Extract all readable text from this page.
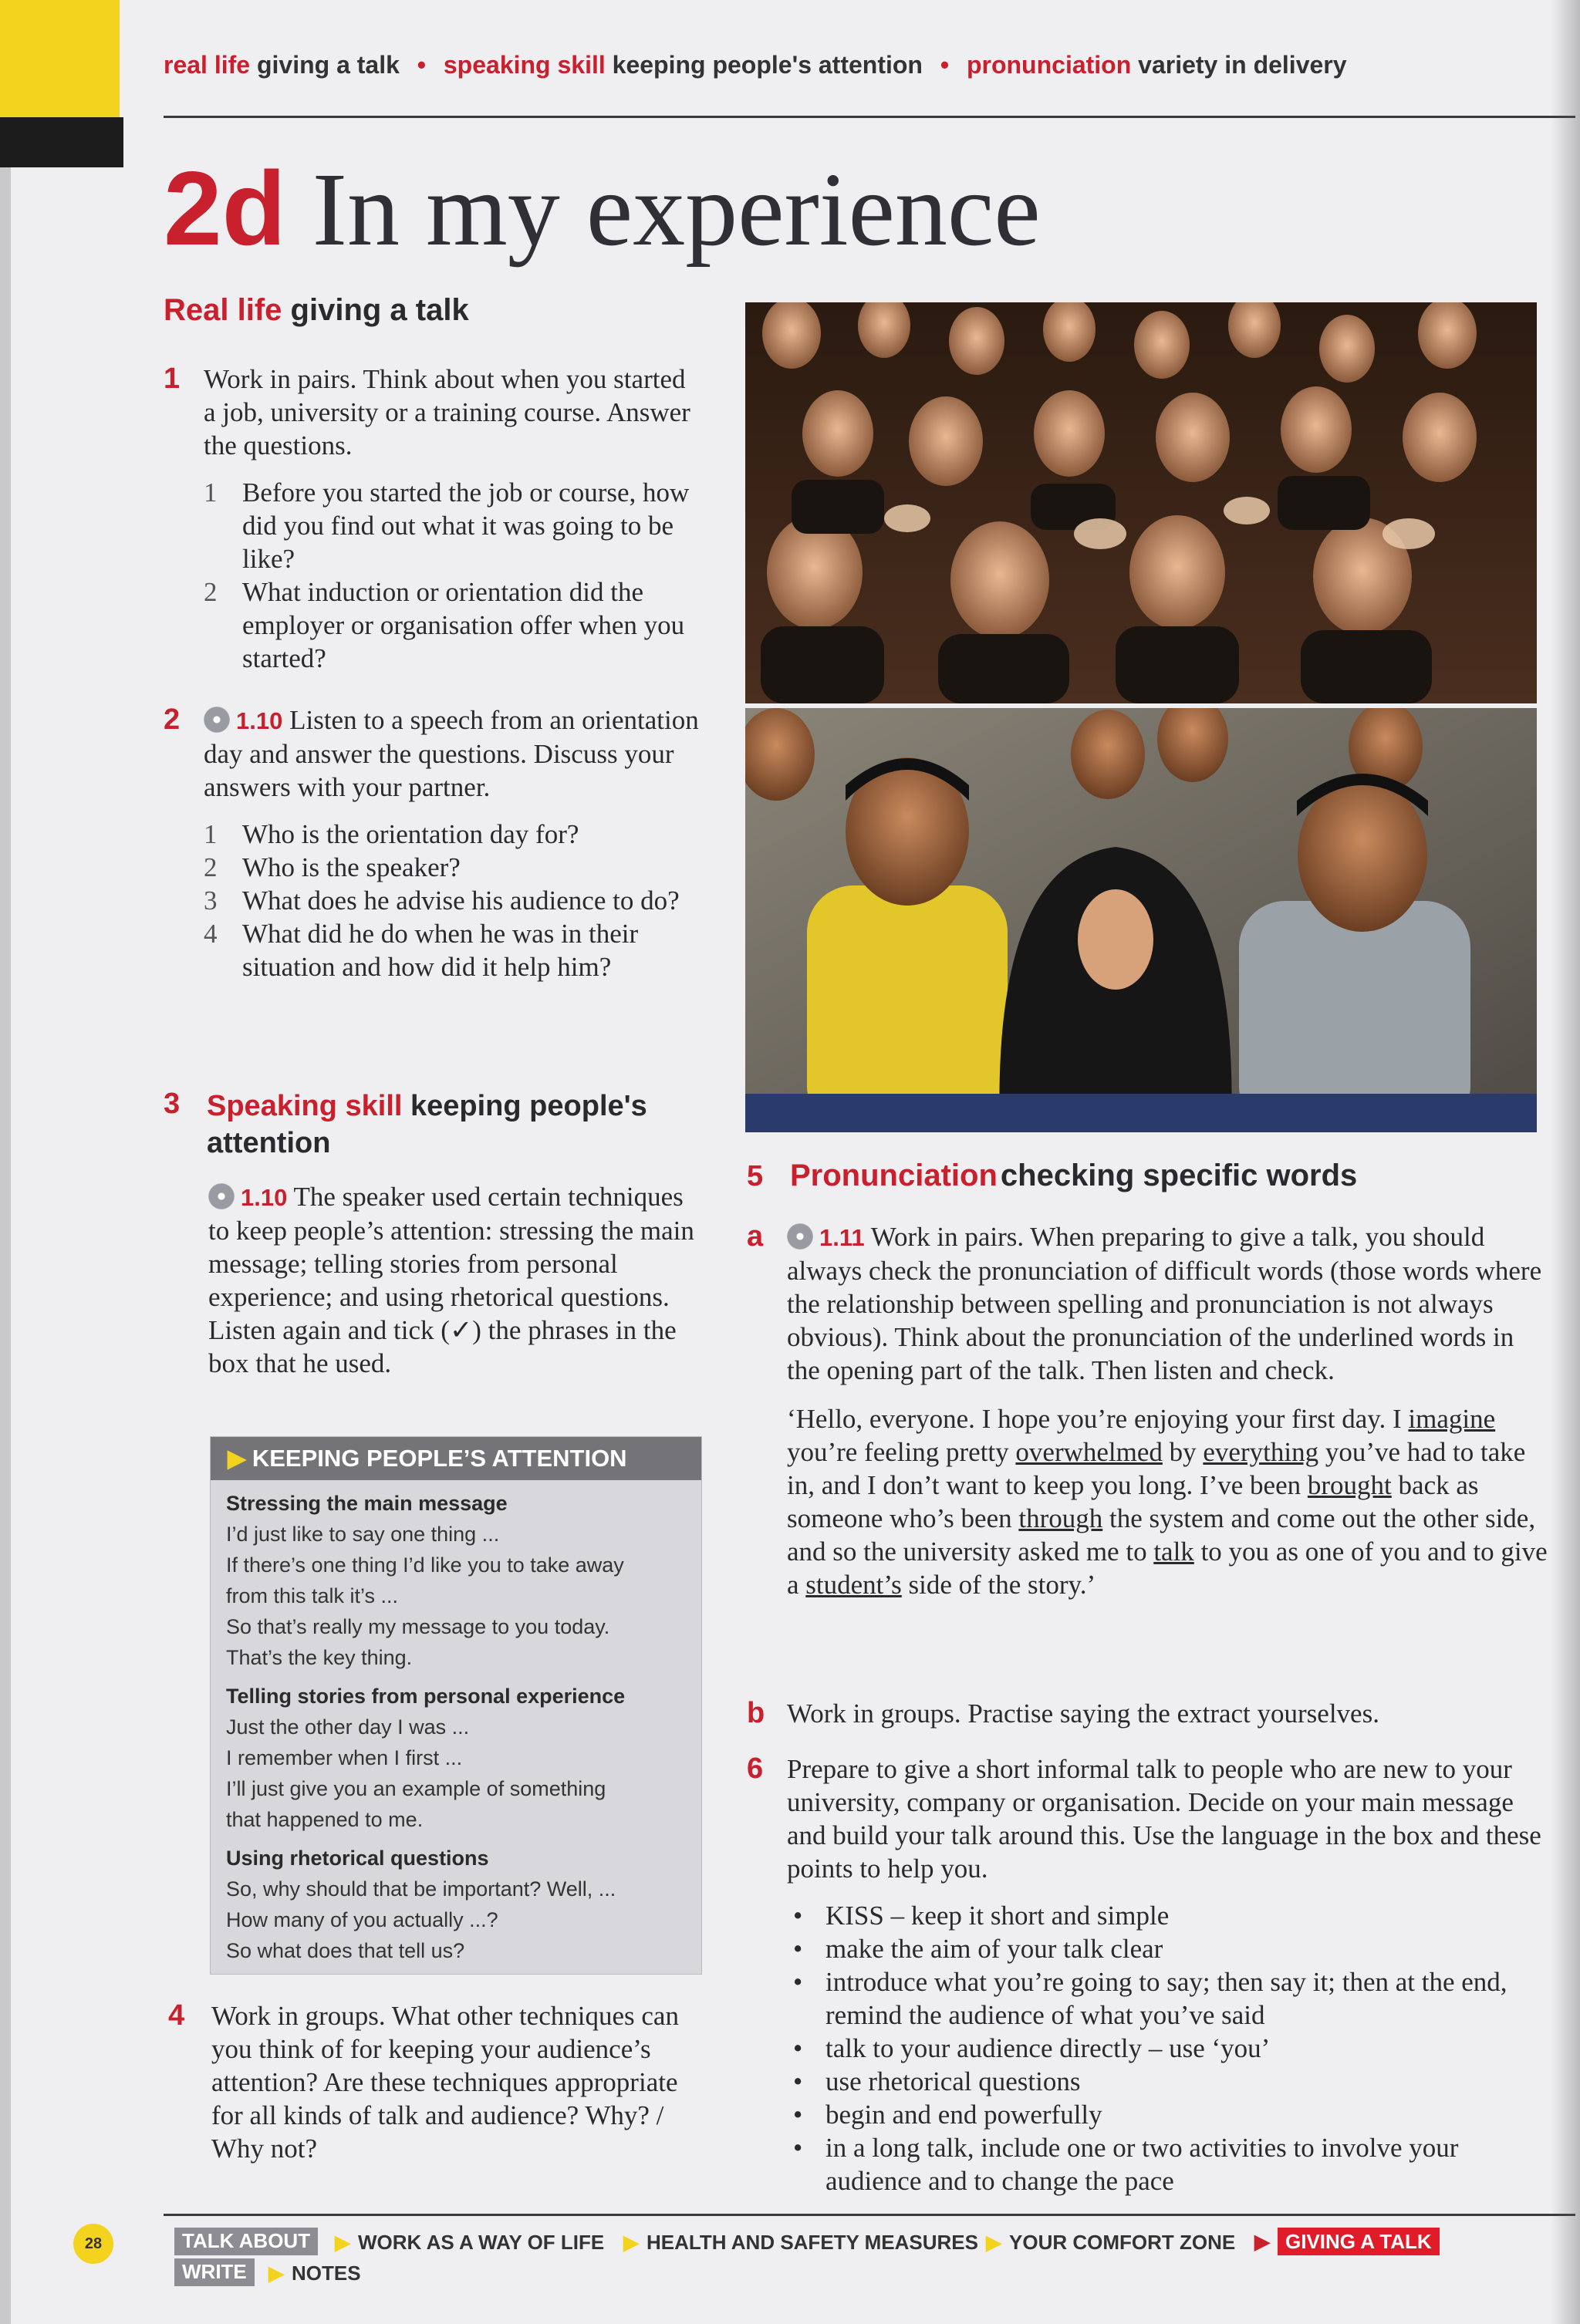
real life giving a talk • speaking skill keeping people's attention • pronunciation variety in delivery
2d In my experience
Real life giving a talk
1 Work in pairs. Think about when you started a job, university or a training course. Answer the questions.
1 Before you started the job or course, how did you find out what it was going to be like?
2 What induction or orientation did the employer or organisation offer when you started?
2	1.10 Listen to a speech from an orientation day and answer the questions. Discuss your answers with your partner.
1 Who is the orientation day for?
2 Who is the speaker?
3 What does he advise his audience to do?
4 What did he do when he was in their situation and how did it help him?
3 Speaking skill keeping people's attention
1.10 The speaker used certain techniques to keep people’s attention: stressing the main message; telling stories from personal experience; and using rhetorical questions. Listen again and tick (✓) the phrases in the box that he used.
▶ KEEPING PEOPLE’S ATTENTION
Stressing the main message
I’d just like to say one thing ...
If there’s one thing I’d like you to take away
from this talk it’s ...
So that’s really my message to you today.
That’s the key thing.
Telling stories from personal experience
Just the other day I was ...
I remember when I first ...
I’ll just give you an example of something
that happened to me.
Using rhetorical questions
So, why should that be important? Well, ...
How many of you actually ...?
So what does that tell us?
4 Work in groups. What other techniques can you think of for keeping your audience’s attention? Are these techniques appropriate for all kinds of talk and audience? Why? / Why not?
5 Pronunciation checking specific words
a	1.11 Work in pairs. When preparing to give a talk, you should always check the pronunciation of difficult words (those words where the relationship between spelling and pronunciation is not always obvious). Think about the pronunciation of the underlined words in the opening part of the talk. Then listen and check.
‘Hello, everyone. I hope you’re enjoying your first day. I imagine you’re feeling pretty overwhelmed by everything you’ve had to take in, and I don’t want to keep you long. I’ve been brought back as someone who’s been through the system and come out the other side, and so the university asked me to talk to you as one of you and to give a student’s side of the story.’
b Work in groups. Practise saying the extract yourselves.
6 Prepare to give a short informal talk to people who are new to your university, company or organisation. Decide on your main message and build your talk around this. Use the language in the box and these points to help you.
• KISS – keep it short and simple
• make the aim of your talk clear
• introduce what you’re going to say; then say it; then at the end, remind the audience of what you’ve said
• talk to your audience directly – use ‘you’
• use rhetorical questions
• begin and end powerfully
• in a long talk, include one or two activities to involve your audience and to change the pace
28	TALK ABOUT	▶ WORK AS A WAY OF LIFE ▶ HEALTH AND SAFETY MEASURES ▶ YOUR COMFORT ZONE ▶ GIVING A TALK
WRITE	▶ NOTES
